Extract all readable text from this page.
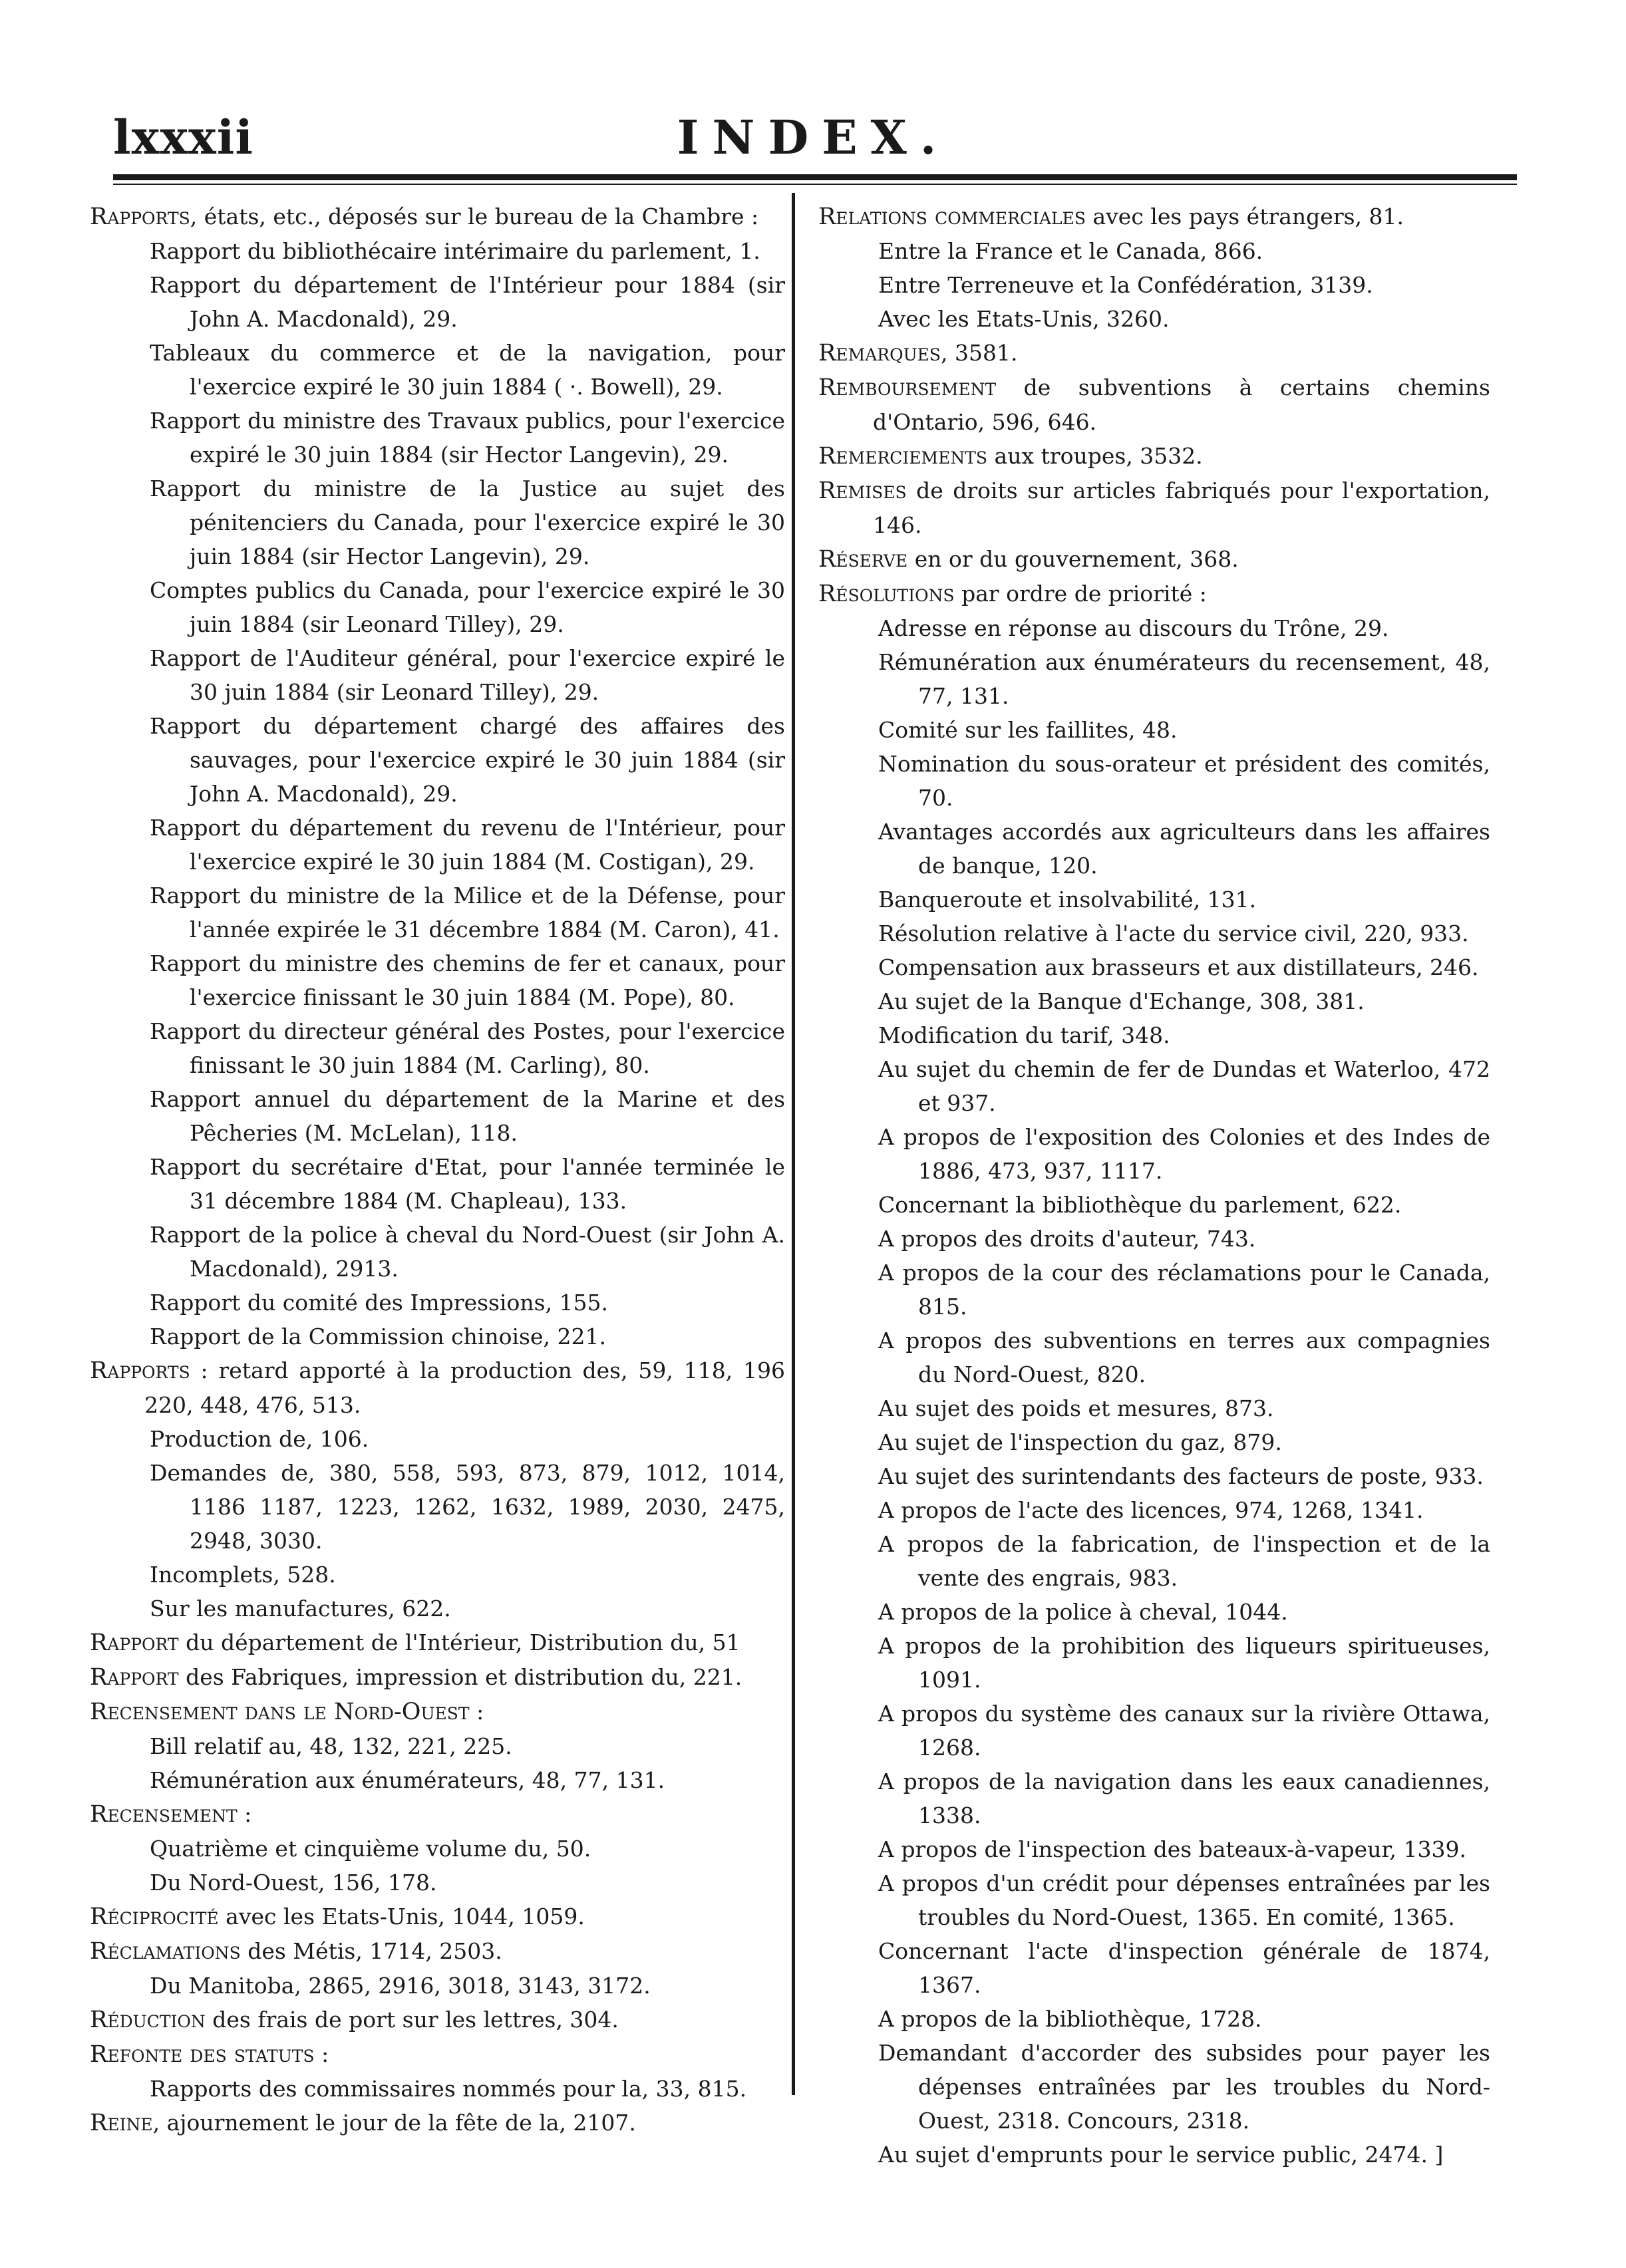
lxxxii	INDEX.
Rapports, états, etc., déposés sur le bureau de la Chambre :
Rapport du bibliothécaire intérimaire du parlement, 1.
Rapport du département de l'Intérieur pour 1884 (sir John A. Macdonald), 29.
Tableaux du commerce et de la navigation, pour l'exercice expiré le 30 juin 1884 ( ·. Bowell), 29.
Rapport du ministre des Travaux publics, pour l'exercice expiré le 30 juin 1884 (sir Hector Langevin), 29.
Rapport du ministre de la Justice au sujet des pénitenciers du Canada, pour l'exercice expiré le 30 juin 1884 (sir Hector Langevin), 29.
Comptes publics du Canada, pour l'exercice expiré le 30 juin 1884 (sir Leonard Tilley), 29.
Rapport de l'Auditeur général, pour l'exercice expiré le 30 juin 1884 (sir Leonard Tilley), 29.
Rapport du département chargé des affaires des sauvages, pour l'exercice expiré le 30 juin 1884 (sir John A. Macdonald), 29.
Rapport du département du revenu de l'Intérieur, pour l'exercice expiré le 30 juin 1884 (M. Costigan), 29.
Rapport du ministre de la Milice et de la Défense, pour l'année expirée le 31 décembre 1884 (M. Caron), 41.
Rapport du ministre des chemins de fer et canaux, pour l'exercice finissant le 30 juin 1884 (M. Pope), 80.
Rapport du directeur général des Postes, pour l'exercice finissant le 30 juin 1884 (M. Carling), 80.
Rapport annuel du département de la Marine et des Pêcheries (M. McLelan), 118.
Rapport du secrétaire d'Etat, pour l'année terminée le 31 décembre 1884 (M. Chapleau), 133.
Rapport de la police à cheval du Nord-Ouest (sir John A. Macdonald), 2913.
Rapport du comité des Impressions, 155.
Rapport de la Commission chinoise, 221.
Rapports : retard apporté à la production des, 59, 118, 196 220, 448, 476, 513.
Production de, 106.
Demandes de, 380, 558, 593, 873, 879, 1012, 1014, 1186 1187, 1223, 1262, 1632, 1989, 2030, 2475, 2948, 3030.
Incomplets, 528.
Sur les manufactures, 622.
Rapport du département de l'Intérieur, Distribution du, 51
Rapport des Fabriques, impression et distribution du, 221.
Recensement dans le Nord-Ouest :
Bill relatif au, 48, 132, 221, 225.
Rémunération aux énumérateurs, 48, 77, 131.
Recensement :
Quatrième et cinquième volume du, 50.
Du Nord-Ouest, 156, 178.
Réciprocité avec les Etats-Unis, 1044, 1059.
Réclamations des Métis, 1714, 2503.
Du Manitoba, 2865, 2916, 3018, 3143, 3172.
Réduction des frais de port sur les lettres, 304.
Refonte des statuts :
Rapports des commissaires nommés pour la, 33, 815.
Reine, ajournement le jour de la fête de la, 2107.
Relations commerciales avec les pays étrangers, 81.
Entre la France et le Canada, 866.
Entre Terreneuve et la Confédération, 3139.
Avec les Etats-Unis, 3260.
Remarques, 3581.
Remboursement de subventions à certains chemins d'Ontario, 596, 646.
Remerciements aux troupes, 3532.
Remises de droits sur articles fabriqués pour l'exportation, 146.
Réserve en or du gouvernement, 368.
Résolutions par ordre de priorité :
Adresse en réponse au discours du Trône, 29.
Rémunération aux énumérateurs du recensement, 48, 77, 131.
Comité sur les faillites, 48.
Nomination du sous-orateur et président des comités, 70.
Avantages accordés aux agriculteurs dans les affaires de banque, 120.
Banqueroute et insolvabilité, 131.
Résolution relative à l'acte du service civil, 220, 933.
Compensation aux brasseurs et aux distillateurs, 246.
Au sujet de la Banque d'Echange, 308, 381.
Modification du tarif, 348.
Au sujet du chemin de fer de Dundas et Waterloo, 472 et 937.
A propos de l'exposition des Colonies et des Indes de 1886, 473, 937, 1117.
Concernant la bibliothèque du parlement, 622.
A propos des droits d'auteur, 743.
A propos de la cour des réclamations pour le Canada, 815.
A propos des subventions en terres aux compagnies du Nord-Ouest, 820.
Au sujet des poids et mesures, 873.
Au sujet de l'inspection du gaz, 879.
Au sujet des surintendants des facteurs de poste, 933.
A propos de l'acte des licences, 974, 1268, 1341.
A propos de la fabrication, de l'inspection et de la vente des engrais, 983.
A propos de la police à cheval, 1044.
A propos de la prohibition des liqueurs spiritueuses, 1091.
A propos du système des canaux sur la rivière Ottawa, 1268.
A propos de la navigation dans les eaux canadiennes, 1338.
A propos de l'inspection des bateaux-à-vapeur, 1339.
A propos d'un crédit pour dépenses entraînées par les troubles du Nord-Ouest, 1365. En comité, 1365.
Concernant l'acte d'inspection générale de 1874, 1367.
A propos de la bibliothèque, 1728.
Demandant d'accorder des subsides pour payer les dépenses entraînées par les troubles du Nord-Ouest, 2318. Concours, 2318.
Au sujet d'emprunts pour le service public, 2474. ]
